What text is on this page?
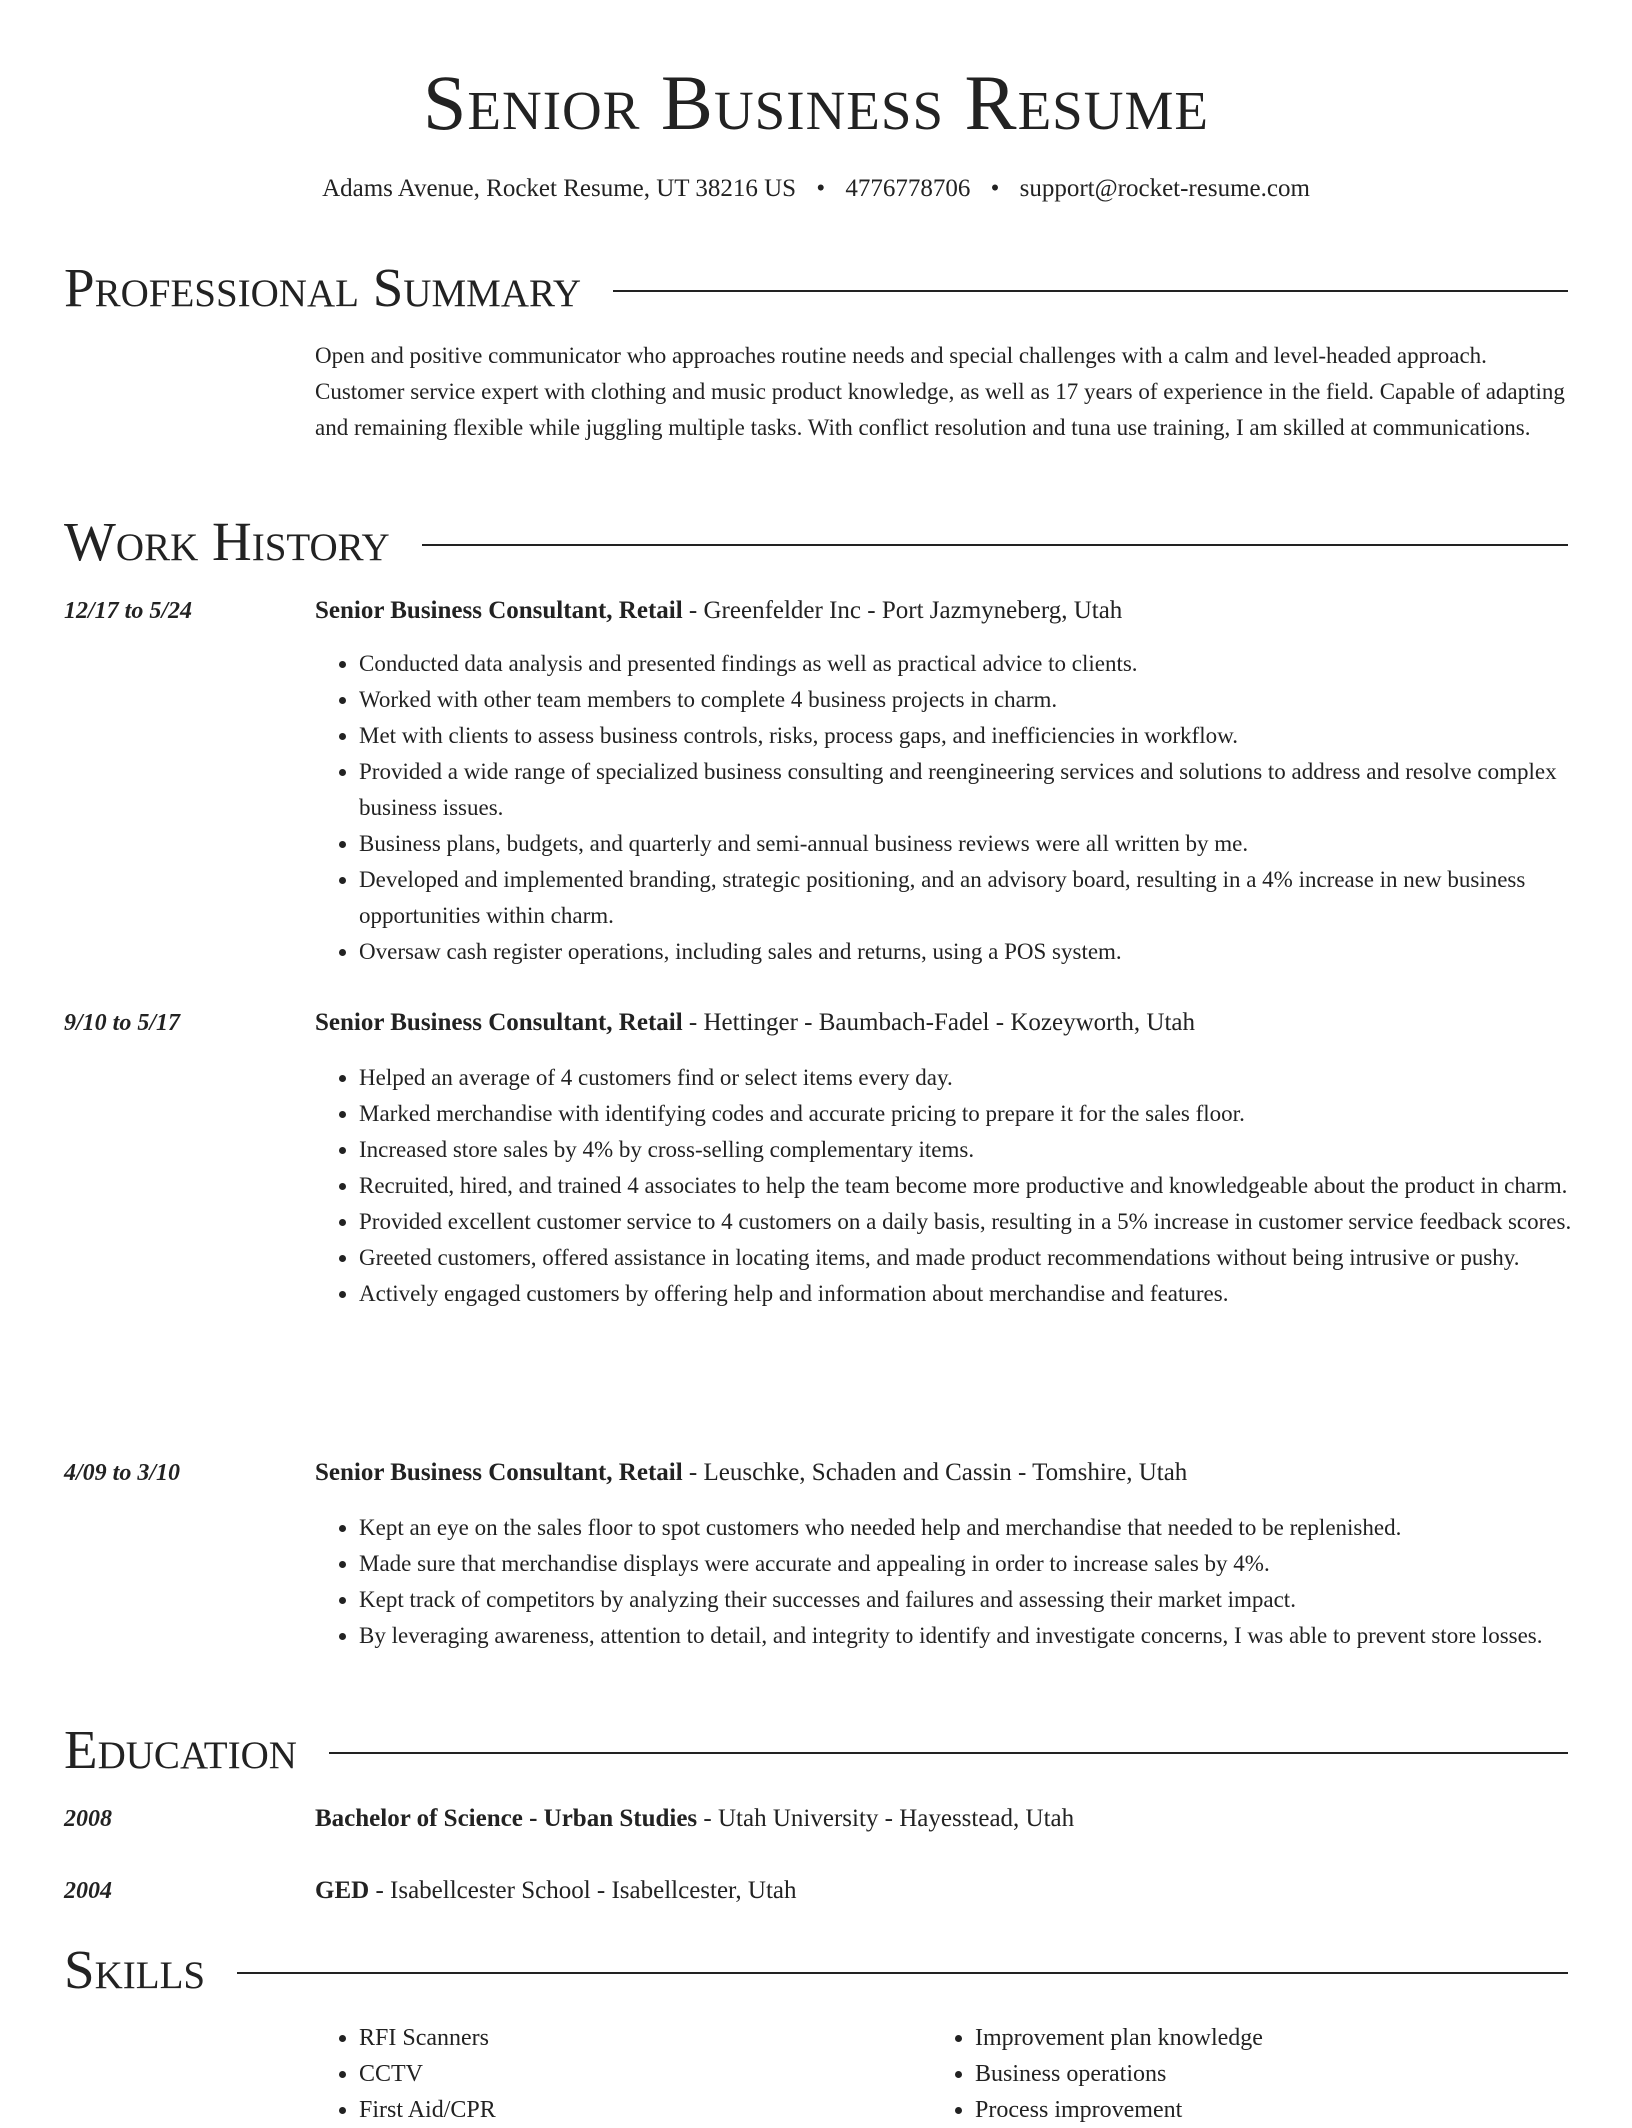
Senior Business Resume
Adams Avenue, Rocket Resume, UT 38216 US • 4776778706 • support@rocket-resume.com
Professional Summary

Open and positive communicator who approaches routine needs and special challenges with a calm and level-headed approach. Customer service expert with clothing and music product knowledge, as well as 17 years of experience in the field. Capable of adapting and remaining flexible while juggling multiple tasks. With conflict resolution and tuna use training, I am skilled at communications.

Work History
12/17 to 5/24	Senior Business Consultant, Retail - Greenfelder Inc - Port Jazmyneberg, Utah
• Conducted data analysis and presented findings as well as practical advice to clients.
• Worked with other team members to complete 4 business projects in charm.
• Met with clients to assess business controls, risks, process gaps, and inefficiencies in workflow.
• Provided a wide range of specialized business consulting and reengineering services and solutions to address and resolve complex business issues.
• Business plans, budgets, and quarterly and semi-annual business reviews were all written by me.
• Developed and implemented branding, strategic positioning, and an advisory board, resulting in a 4% increase in new business opportunities within charm.
• Oversaw cash register operations, including sales and returns, using a POS system.
9/10 to 5/17	Senior Business Consultant, Retail - Hettinger - Baumbach-Fadel - Kozeyworth, Utah
• Helped an average of 4 customers find or select items every day.
• Marked merchandise with identifying codes and accurate pricing to prepare it for the sales floor.
• Increased store sales by 4% by cross-selling complementary items.
• Recruited, hired, and trained 4 associates to help the team become more productive and knowledgeable about the product in charm.
• Provided excellent customer service to 4 customers on a daily basis, resulting in a 5% increase in customer service feedback scores.
• Greeted customers, offered assistance in locating items, and made product recommendations without being intrusive or pushy.
• Actively engaged customers by offering help and information about merchandise and features.
4/09 to 3/10	Senior Business Consultant, Retail - Leuschke, Schaden and Cassin - Tomshire, Utah
• Kept an eye on the sales floor to spot customers who needed help and merchandise that needed to be replenished.
• Made sure that merchandise displays were accurate and appealing in order to increase sales by 4%.
• Kept track of competitors by analyzing their successes and failures and assessing their market impact.
• By leveraging awareness, attention to detail, and integrity to identify and investigate concerns, I was able to prevent store losses.
Education
2008	Bachelor of Science - Urban Studies - Utah University - Hayesstead, Utah
2004	GED - Isabellcester School - Isabellcester, Utah
Skills
• RFI Scanners
• CCTV
• First Aid/CPR
• Improvement plan knowledge
• Business operations
• Process improvement
